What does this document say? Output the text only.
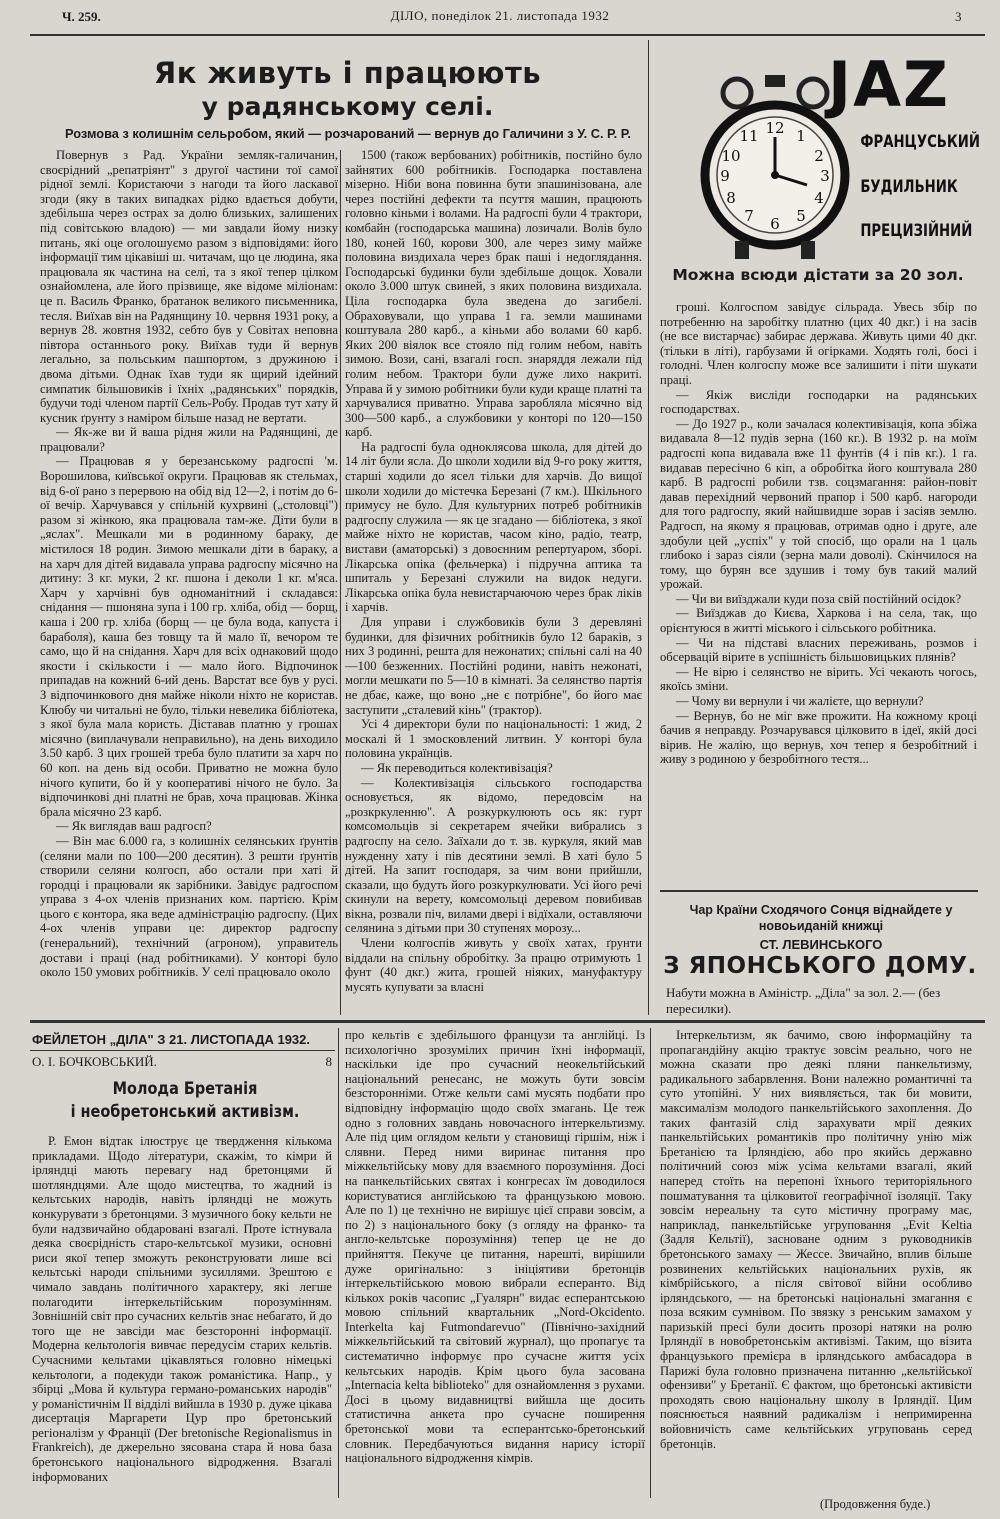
Ч. 259.	ДІЛО, понеділок 21. листопада 1932	3
Як живуть і працюють
у радянському селі.
Розмова з колишнім сельробом, який — розчарований — вернув до Галичини з У. С. Р. Р.

Повернув з Рад. України земляк-галичанин, своєрідний „репатріянт" з другої частини тої самої рідної землі. Користаючи з нагоди та його ласкавої згоди (яку в таких випадках рідко вдається добути, здебільша через острах за долю близьких, залишених під совітською владою) — ми завдали йому низку питань, які оце оголошуємо разом з відповідями: його інформації тим цікавіші ш. читачам, що це людина, яка працювала як частина на селі, та з якої тепер цілком ознайомлена, але його прізвище, яке відоме міліонам: це п. Василь Франко, братанок великого письменника, тесля. Виїхав він на Радянщину 10. червня 1931 року, а вернув 28. жовтня 1932, себто був у Совітах неповна півтора останнього року. Виїхав туди й вернув легально, за польським пашпортом, з дружиною і двома дітьми. Однак їхав туди як щирий ідейний симпатик більшовиків і їхніх „радянських" порядків, будучи тоді членом партії Сель-Робу. Продав тут хату й кусник ґрунту з наміром більше назад не вертати.

— Як-же ви й ваша рідня жили на Радянщині, де працювали?

— Працював я у березанському радгоспі 'м. Ворошилова, київської округи. Працював як стельмах, від 6-ої рано з перервою на обід від 12—2, і потім до 6-ої вечір. Харчувався у спільній кухрвині („столовці") разом зі жінкою, яка працювала там-же. Діти були в „яслах". Мешкали ми в родинному бараку, де містилося 18 родин. Зимою мешкали діти в бараку, а на харч для дітей видавала управа радгоспу місячно на дитину: 3 кг. муки, 2 кг. пшона і деколи 1 кг. м'яса. Харч у харчівні був одноманітний і складався: снідання — пшоняна зупа і 100 гр. хліба, обід — борщ, каша і 200 гр. хліба (борщ — це була вода, капуста і бараболя), каша без товщу та й мало її, вечором те само, що й на снідання. Харч для всіх однаковий щодо якости і скількости і — мало його. Відпочинок припадав на кожний 6-ий день. Варстат все був у русі. З відпочинкового дня майже ніколи ніхто не користав. Клюбу чи читальні не було, тільки невелика бібліотека, з якої була мала користь. Діставав платню у грошах місячно (виплачували неправильно), на день виходило 3.50 карб. З цих грошей треба було платити за харч по 60 коп. на день від особи. Приватно не можна було нічого купити, бо й у кооперативі нічого не було. За відпочинкові дні платні не брав, хоча працював. Жінка брала місячно 23 карб.

— Як виглядав ваш радгосп?

— Він має 6.000 га, з колишніх селянських ґрунтів (селяни мали по 100—200 десятин). З решти ґрунтів створили селяни колгосп, або остали при хаті й городці і працювали як зарібники. Завідує радгоспом управа з 4-ох членів признаних ком. партією. Крім цього є контора, яка веде адміністрацію радгоспу. (Цих 4-ох членів управи це: директор радгоспу (генеральний), технічний (агроном), управитель достави і праці (над робітниками). У конторі було около 150 умових робітників. У селі працювало около

1500 (також вербованих) робітників, постійно було зайнятих 600 робітників. Господарка поставлена мізерно. Ніби вона повинна бути зпашинізована, але через постійні дефекти та псуття машин, працюють головно кіньми і волами. На радгоспі були 4 трактори, комбайн (господарська машина) лозичали. Волів було 180, коней 160, корови 300, але через зиму майже половина виздихала через брак паші і недоглядання. Господарські будинки були здебільше дощок. Ховали около 3.000 штук свиней, з яких половина виздихала. Ціла господарка була зведена до загибелі. Обраховували, що управа 1 га. земли машинами коштувала 280 карб., а кіньми або волами 60 карб. Яких 200 віялок все стояло під голим небом, навіть зимою. Вози, сані, взагалі госп. знаряддя лежали під голим небом. Трактори були дуже лихо накриті. Управа й у зимою робітники були куди краще платні та харчувалися приватно. Управа заробляла місячно від 300—500 карб., а службовики у конторі по 120—150 карб.

На радгоспі була одноклясова школа, для дітей до 14 літ були ясла. До школи ходили від 9-го року життя, старші ходили до ясел тільки для харчів. До вищої школи ходили до містечка Березані (7 км.). Шкільного примусу не було. Для культурних потреб робітників радгоспу служила — як це згадано — бібліотека, з якої майже ніхто не користав, часом кіно, радіо, театр, вистави (аматорські) з довоєнним репертуаром, зборі. Лікарська опіка (фельчерка) і підручна аптика та шпиталь у Березані служили на видок недуги. Лікарська опіка була невистарчаючою через брак ліків і харчів.

Для управи і службовиків були 3 деревляні будинки, для фізичних робітників було 12 бараків, з них 3 родинні, решта для нежонатих; спільні салі на 40—100 безженних. Постійні родини, навіть нежонаті, могли мешкати по 5—10 в кімнаті. За селянство партія не дбає, каже, що воно „не є потрібне", бо його має заступити „сталевий кінь" (трактор).

Усі 4 директори були по національності: 1 жид, 2 москалі й 1 змосковлений литвин. У конторі була половина українців.

— Як переводиться колективізація?

— Колективізація сільського господарства основується, як відомо, передовсім на „розкркуленню". А розкуркулюють ось як: гурт комсомольців зі секретарем ячейки вибрались з радгоспу на село. Заїхали до т. зв. куркуля, який мав нужденну хату і пів десятини землі. В хаті було 5 дітей. На запит господаря, за чим вони прийшли, сказали, що будуть його розкуркулювати. Усі його речі скинули на верету, комсомольці деревом повибивав вікна, розвали піч, вилами двері і відїхали, оставляючи селянина з дітьми при 30 ступенях морозу...

Члени колгоспів живуть у своїх хатах, ґрунти віддали на спільну обробітку. За працю отримують 1 фунт (40 дкг.) жита, грошей ніяких, мануфактуру мусять купувати за власні

12 1
2
3
4
5
6
7
8
9
10
11
JAZ
ФРАНЦУСЬКИЙ
БУДИЛЬНИК
ПРЕЦИЗІЙНИЙ
Можна всюди дістати за 20 зол.

гроші. Колгоспом завідує сільрада. Увесь збір по потребенню на заробітку платню (цих 40 дкг.) і на засів (не все вистарчає) забирає держава. Живуть цими 40 дкг. (тільки в літі), гарбузами й огірками. Ходять голі, босі і голодні. Член колгоспу може все залишити і піти шукати праці.

— Якіж висліди господарки на радянських господарствах.

— До 1927 р., коли зачалася колективізація, копа збіжа видавала 8—12 пудів зерна (160 кг.). В 1932 р. на моїм радгоспі копа видавала вже 11 фунтів (4 і пів кг.). 1 га. видавав пересічно 6 кіп, а обробітка його коштувала 280 карб. В радгоспі робили тзв. соцзмагання: район-повіт давав перехідний червоний прапор і 500 карб. нагороди для того радгоспу, який найшвидше зорав і засіяв землю. Радгосп, на якому я працював, отримав одно і друге, але здобули цей „успіх" у той спосіб, що орали на 1 цаль глибоко і зараз сіяли (зерна мали доволі). Скінчилося на тому, що бурян все здушив і тому був такий малий урожай.

— Чи ви виїзджали куди поза свій постійний осідок?

— Виїзджав до Києва, Харкова і на села, так, що орієнтуюся в житті міського і сільського робітника.

— Чи на підставі власних переживань, розмов і обсервацій вірите в успішність більшовицьких плянів?

— Не вірю і селянство не вірить. Усі чекають чогось, якоїсь зміни.

— Чому ви вернули і чи жалієте, що вернули?

— Вернув, бо не міг вже прожити. На кожному кроці бачив я неправду. Розчарувався цілковито в ідеї, якій досі вірив. Не жалію, що вернув, хоч тепер я безробітний і живу з родиною у безробітного тестя...

Чар Країни Сходячого Сонця віднайдете у новоьиданій книжці
СТ. ЛЕВИНСЬКОГО
З ЯПОНСЬКОГО ДОМУ.
Набути можна в Аміністр. „Діла" за зол. 2.— (без пересилки).
ФЕЙЛЕТОН „ДІЛА" З 21. ЛИСТОПАДА 1932.
О. І. БОЧКОВСЬКИЙ.	8
Молода Бретанія
і необретонський активізм.

Р. Емон відтак ілюструє це твердження кількома прикладами. Щодо літератури, скажім, то кімри й ірляндці мають перевагу над бретонцями й шотляндцями. Але щодо мистецтва, то жадний із кельтських народів, навіть ірляндці не можуть конкурувати з бретонцями. З музичного боку кельти не були надзвичайно обдаровані взагалі. Проте істнувала деяка своєрідність старо-кельтської музики, основні риси якої тепер зможуть реконструювати лише всі кельтські народи спільними зусиллями. Зрештою є чимало завдань політичного характеру, які легше полагодити інтеркельтійським порозумінням. Зовнішній світ про сучасних кельтів знає небагато, й до того ще не завсіди має безсторонні інформації. Модерна кельтологія вивчає передусім старих кельтів. Сучасними кельтами цікавляться головно німецькі кельтологи, а подекуди також романістика. Напр., у збірці „Мова й культура германо-романських народів" у романістичнім II відділі вийшла в 1930 р. дуже цікава дисертація Маргарети Цур про бретонський регіоналізм у Франції (Der bretonische Regionalismus in Frankreich), де джерельно зясована стара й нова база бретонського національного відродження. Взагалі інформованих

про кельтів є здебільшого французи та англійці. Із психологічно зрозумілих причин їхні інформації, наскільки іде про сучасний неокельтійський національний ренесанс, не можуть бути зовсім безсторонніми. Отже кельти самі мусять подбати про відповідну інформацію щодо своїх змагань. Це теж одно з головних завдань новочасного інтеркельтизму. Але під цим оглядом кельти у становищі гіршім, ніж і слявни. Перед ними виринає питання про міжкельтійську мову для взаємного порозуміння. Досі на панкельтійських святах і конгресах їм доводилося користуватися англійською та французькою мовою. Але по 1) це технічно не вирішує цієї справи зовсім, а по 2) з національного боку (з огляду на франко- та англо-кельтське порозуміння) тепер це не до прийняття. Пекуче це питання, нарешті, вирішили дуже оригінально: з ініціятиви бретонців інтеркельтійською мовою вибрали есперанто. Від кількох років часопис „Гуалярн" видає есперантською мовою спільний квартальник „Nord-Okcidento. Interkelta kaj Futmondarevuo" (Північно-західний міжкельтійський та світовий журнал), що пропагує та систематично інформує про сучасне життя усіх кельтських народів. Крім цього була засована „Internacia kelta biblioteko" для ознайомлення з рухами. Досі в цьому видавництві вийшла ще досить статистична анкета про сучасне поширення бретонської мови та есперантсько-бретонський словник. Передбачуються видання нарису історії національного відродження кімрів.

Інтеркельтизм, як бачимо, свою інформаційну та пропагандійну акцію трактує зовсім реально, чого не можна сказати про деякі пляни панкельтизму, радикального забарвлення. Вони належно романтичні та суто утопійні. У них виявляється, так би мовити, максималізм молодого панкельтійського захоплення. До таких фантазій слід зарахувати мрії деяких панкельтійських романтиків про політичну унію між Бретанією та Ірляндією, або про якийсь державно політичний союз між усіма кельтами взагалі, який наперед стоїть на перепоні їхнього територіяльного пошматування та цілковитої географічної ізоляції. Таку зовсім нереальну та суто містичну програму має, наприклад, панкельтійське угруповання „Evit Keltia (Задля Кельтії), засноване одним з руководників бретонського замаху — Жессе. Звичайно, вплив більше розвинених кельтійських національних рухів, як кімбрійського, а після світової війни особливо ірляндського, — на бретонські національні змагання є поза всяким сумнівом. По звязку з ренським замахом у паризькій пресі були досить прозорі натяки на ролю Ірляндії в новобретонськім активізмі. Таким, що візита французького премієра в ірляндського амбасадора в Парижі була головно призначена питанню „кельтійської офензиви" у Бретанії. Є фактом, що бретонські активісти проходять свою національну школу в Ірляндії. Цим пояснюється наявний радикалізм і непримиренна войовничість саме кельтійських угруповань серед бретонців.

(Продовження буде.)
